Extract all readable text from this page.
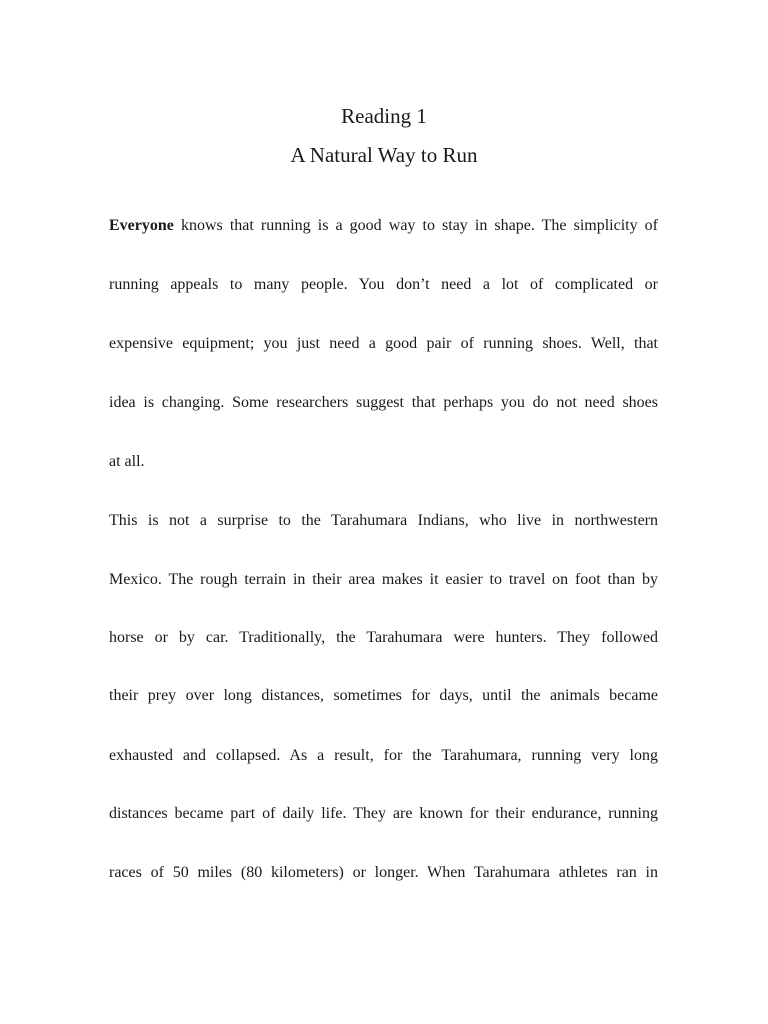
Reading 1
A Natural Way to Run

Everyone knows that running is a good way to stay in shape. The simplicity of

running appeals to many people. You don’t need a lot of complicated or

expensive equipment; you just need a good pair of running shoes. Well, that

idea is changing. Some researchers suggest that perhaps you do not need shoes

at all.

This is not a surprise to the Tarahumara Indians, who live in northwestern

Mexico. The rough terrain in their area makes it easier to travel on foot than by

horse or by car. Traditionally, the Tarahumara were hunters. They followed

their prey over long distances, sometimes for days, until the animals became

exhausted and collapsed. As a result, for the Tarahumara, running very long

distances became part of daily life. They are known for their endurance, running

races of 50 miles (80 kilometers) or longer. When Tarahumara athletes ran in
